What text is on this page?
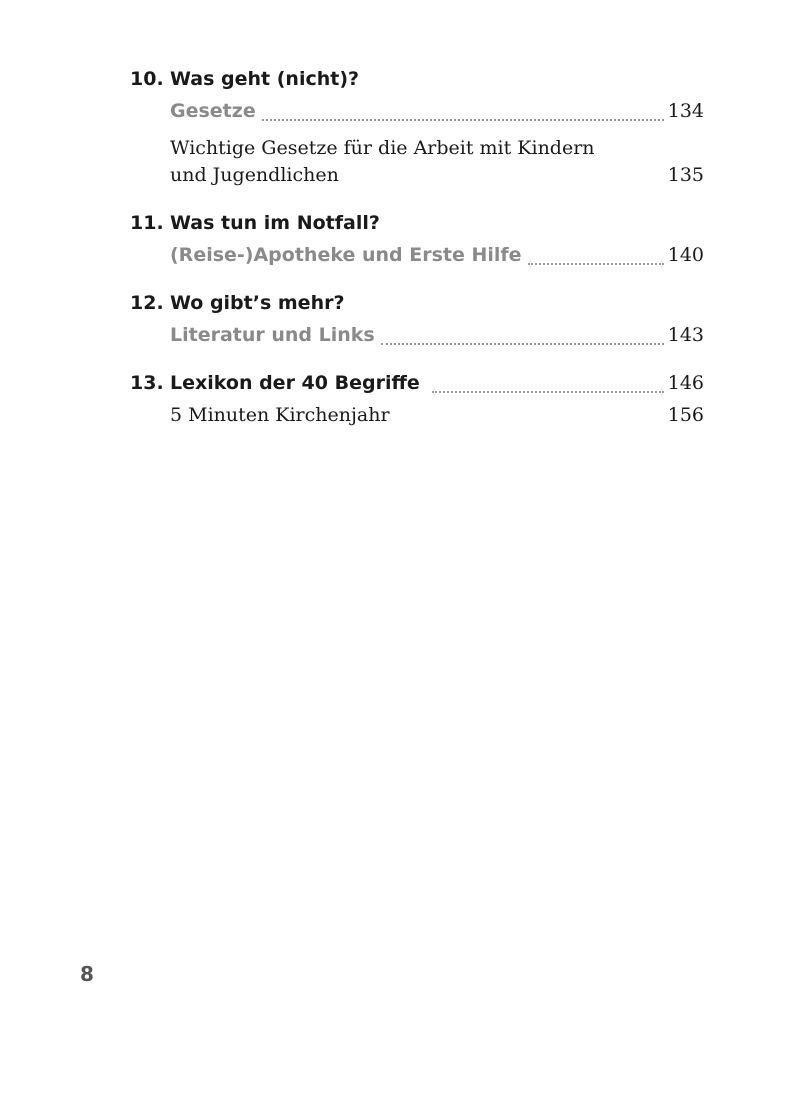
10. Was geht (nicht)?
Gesetze	134
Wichtige Gesetze für die Arbeit mit Kindern
und Jugendlichen	135
11. Was tun im Notfall?
(Reise-)Apotheke und Erste Hilfe	140
12. Wo gibt’s mehr?
Literatur und Links	143
13. Lexikon der 40 Begriffe	146
5 Minuten Kirchenjahr	156
8
